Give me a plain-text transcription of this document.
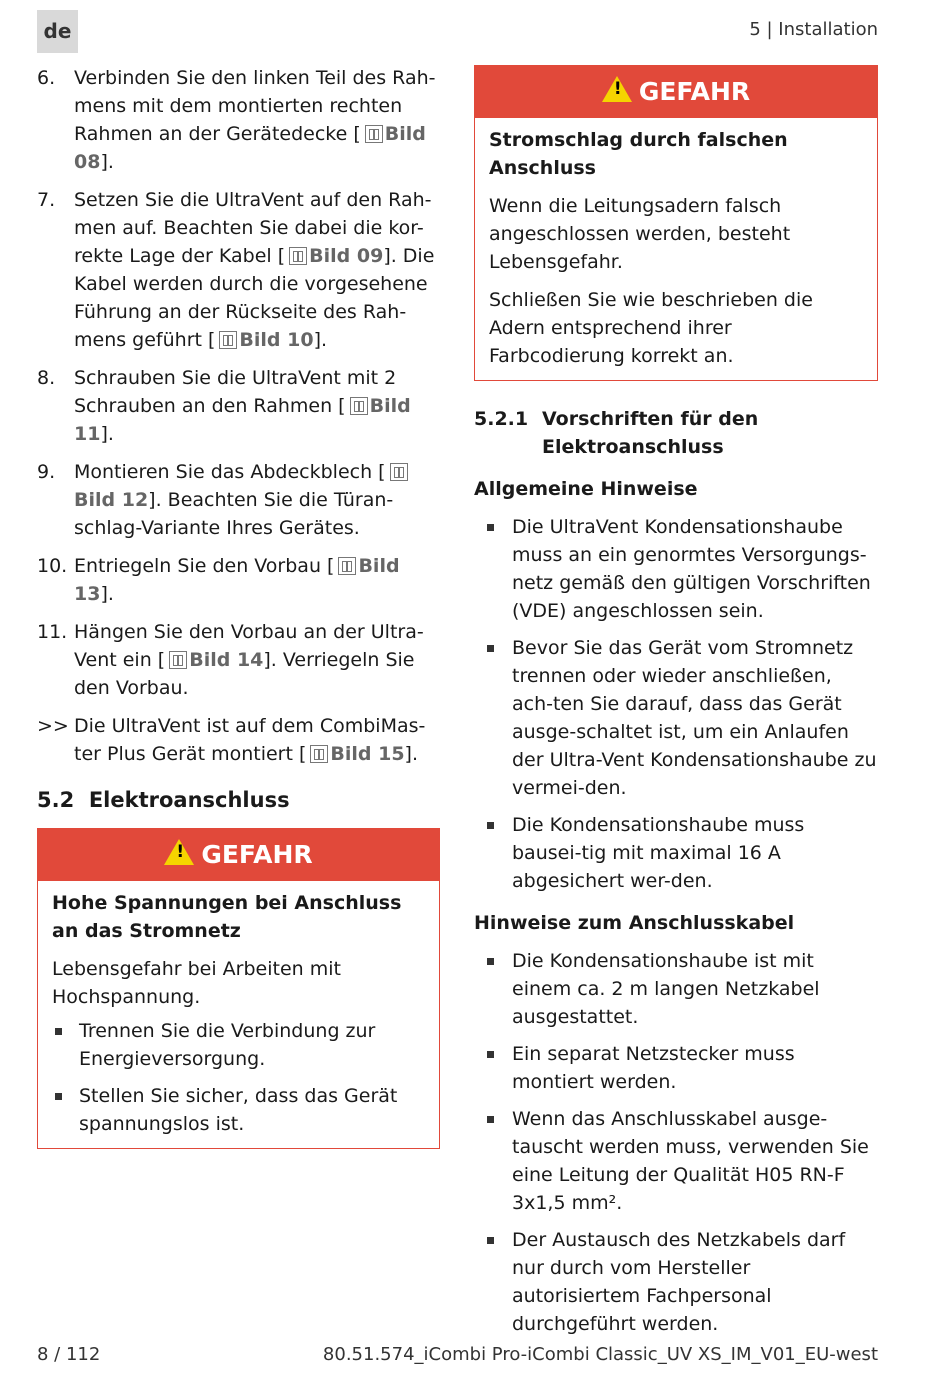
de	5 | Installation
6. Verbinden Sie den linken Teil des Rah-mens mit dem montierten rechten Rahmen an der Gerätedecke [ Bild 08].
7. Setzen Sie die UltraVent auf den Rah-men auf. Beachten Sie dabei die kor-rekte Lage der Kabel [ Bild 09]. Die Kabel werden durch die vorgesehene Führung an der Rückseite des Rah-mens geführt [ Bild 10].
8. Schrauben Sie die UltraVent mit 2 Schrauben an den Rahmen [ Bild 11].
9. Montieren Sie das Abdeckblech [Bild 12]. Beachten Sie die Türan-schlag-Variante Ihres Gerätes.
10. Entriegeln Sie den Vorbau [ Bild 13].
11. Hängen Sie den Vorbau an der Ultra-Vent ein [ Bild 14]. Verriegeln Sie den Vorbau.
>> Die UltraVent ist auf dem CombiMas-ter Plus Gerät montiert [ Bild 15].
5.2 Elektroanschluss
! GEFAHR
Hohe Spannungen bei Anschluss an das Stromnetz
Lebensgefahr bei Arbeiten mit Hochspannung.
Trennen Sie die Verbindung zur Energieversorgung.
Stellen Sie sicher, dass das Gerät spannungslos ist.
! GEFAHR
Stromschlag durch falschen Anschluss
Wenn die Leitungsadern falsch angeschlossen werden, besteht Lebensgefahr.
Schließen Sie wie beschrieben die Adern entsprechend ihrer Farbcodierung korrekt an.
5.2.1 Vorschriften für den Elektroanschluss
Allgemeine Hinweise
Die UltraVent Kondensationshaube muss an ein genormtes Versorgungs-netz gemäß den gültigen Vorschriften (VDE) angeschlossen sein.
Bevor Sie das Gerät vom Stromnetz trennen oder wieder anschließen, ach-ten Sie darauf, dass das Gerät ausge-schaltet ist, um ein Anlaufen der Ultra-Vent Kondensationshaube zu vermei-den.
Die Kondensationshaube muss bausei-tig mit maximal 16 A abgesichert wer-den.
Hinweise zum Anschlusskabel
Die Kondensationshaube ist mit einem ca. 2 m langen Netzkabel ausgestattet.
Ein separat Netzstecker muss montiert werden.
Wenn das Anschlusskabel ausge-tauscht werden muss, verwenden Sie eine Leitung der Qualität H05 RN-F 3x1,5 mm².
Der Austausch des Netzkabels darf nur durch vom Hersteller autorisiertem Fachpersonal durchgeführt werden.
8 / 112	80.51.574_iCombi Pro-iCombi Classic_UV XS_IM_V01_EU-west
